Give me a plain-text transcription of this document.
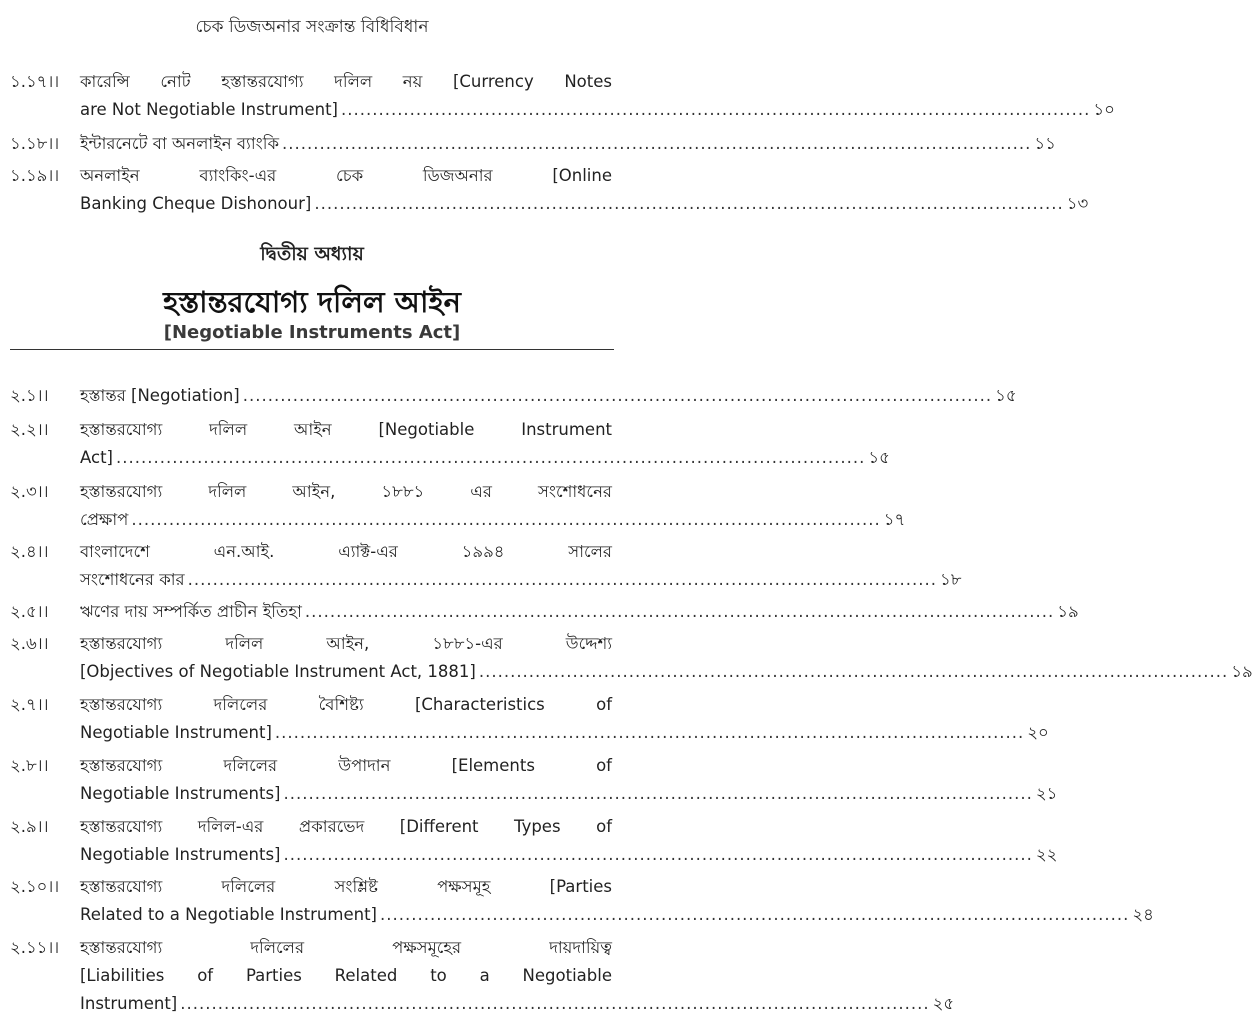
চেক ডিজঅনার সংক্রান্ত বিধিবিধান
১.১৭।।	কারেন্সি নোট হস্তান্তরযোগ্য দলিল নয় [Currency Notes
are Not Negotiable Instrument] ........................................................................................................................ ১০
১.১৮।।	ইন্টারনেটে বা অনলাইন ব্যাংকি ........................................................................................................................ ১১
১.১৯।।	অনলাইন ব্যাংকিং-এর চেক ডিজঅনার [Online
Banking Cheque Dishonour] ........................................................................................................................ ১৩
দ্বিতীয় অধ্যায়
হস্তান্তরযোগ্য দলিল আইন
[Negotiable Instruments Act]
২.১।।	হস্তান্তর [Negotiation] ........................................................................................................................ ১৫
২.২।।	হস্তান্তরযোগ্য দলিল আইন [Negotiable Instrument
Act] ........................................................................................................................ ১৫
২.৩।।	হস্তান্তরযোগ্য দলিল আইন, ১৮৮১ এর সংশোধনের
প্রেক্ষাপ ........................................................................................................................ ১৭
২.৪।।	বাংলাদেশে এন.আই. এ্যাক্ট-এর ১৯৯৪ সালের
সংশোধনের কার ........................................................................................................................ ১৮
২.৫।।	ঋণের দায় সম্পর্কিত প্রাচীন ইতিহা ........................................................................................................................ ১৯
২.৬।।	হস্তান্তরযোগ্য দলিল আইন, ১৮৮১-এর উদ্দেশ্য
[Objectives of Negotiable Instrument Act, 1881] ........................................................................................................................ ১৯
২.৭।।	হস্তান্তরযোগ্য দলিলের বৈশিষ্ট্য [Characteristics of
Negotiable Instrument] ........................................................................................................................ ২০
২.৮।।	হস্তান্তরযোগ্য দলিলের উপাদান [Elements of
Negotiable Instruments] ........................................................................................................................ ২১
২.৯।।	হস্তান্তরযোগ্য দলিল-এর প্রকারভেদ [Different Types of
Negotiable Instruments] ........................................................................................................................ ২২
২.১০।।	হস্তান্তরযোগ্য দলিলের সংশ্লিষ্ট পক্ষসমূহ [Parties
Related to a Negotiable Instrument] ........................................................................................................................ ২৪
২.১১।।	হস্তান্তরযোগ্য দলিলের পক্ষসমূহের দায়দায়িত্ব
[Liabilities of Parties Related to a Negotiable
Instrument] ........................................................................................................................ ২৫
